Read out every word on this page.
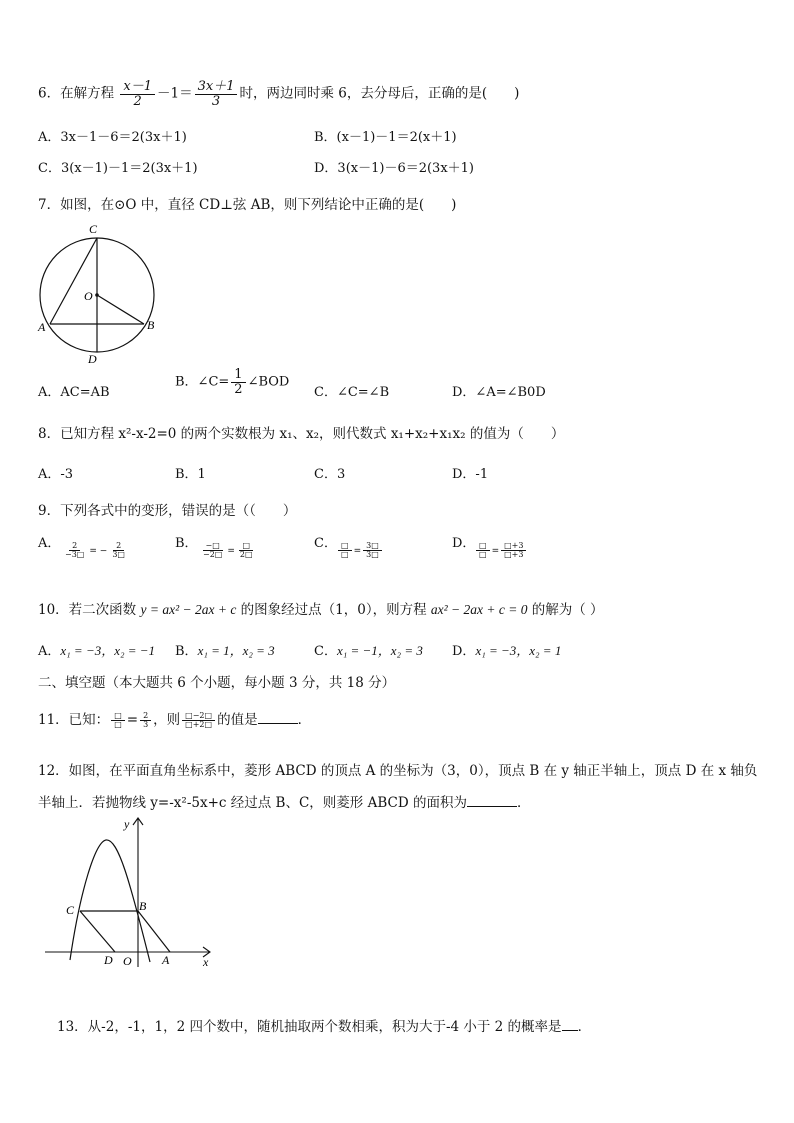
6．在解方程 $\frac{x-1}{2} -1= \frac{3x+1}{3}$ 时，两边同时乘 6，去分母后，正确的是(　　)
A．3x－1－6＝2(3x＋1)	B．(x－1)－1＝2(x＋1)
C．3(x－1)－1＝2(3x＋1)	D．3(x－1)－6＝2(3x＋1)
7．如图，在⊙O 中，直径 CD⊥弦 AB，则下列结论中正确的是(　　)
C
O
A	B
D
A．AC=AB
B．∠C= $\frac{1}{2}$ ∠BOD
C．∠C=∠B	D．∠A=∠B0D
8．已知方程 x²-x-2=0 的两个实数根为 x₁、x₂，则代数式 x₁+x₂+x₁x₂ 的值为（　　）
A．-3	B．1	C．3	D．-1
9．下列各式中的变形，错误的是（（　　）
A． $\frac{2}{-3□}$ = − $\frac{2}{3□}$	B． $\frac{-□}{-2□} = \frac{□}{2□}$	C． $\frac{□}{□} = \frac{3□}{3□}$	D． $\frac{□}{□} = \frac{□+3}{□+3}$
10．若二次函数 y = ax² − 2ax + c 的图象经过点（1，0），则方程 ax² − 2ax + c = 0 的解为（ ）
A．x₁ = −3，x₂ = −1 B．x₁ = 1，x₂ = 3	C．x₁ = −1，x₂ = 3 D．x₁ = −3，x₂ = 1
二、填空题（本大题共 6 个小题，每小题 3 分，共 18 分）
11．已知： $\frac{□}{□} = \frac{2}{3}$ ，则 $\frac{□-2□}{□+2□}$ 的值是	．
12．如图，在平面直角坐标系中，菱形 ABCD 的顶点 A 的坐标为（3，0），顶点 B 在 y 轴正半轴上，顶点 D 在 x 轴负
半轴上．若抛物线 y=-x²-5x+c 经过点 B、C，则菱形 ABCD 的面积为	．
y
x
C	B
D O	A
13．从-2，-1，1，2 四个数中，随机抽取两个数相乘，积为大于-4 小于 2 的概率是 ．
